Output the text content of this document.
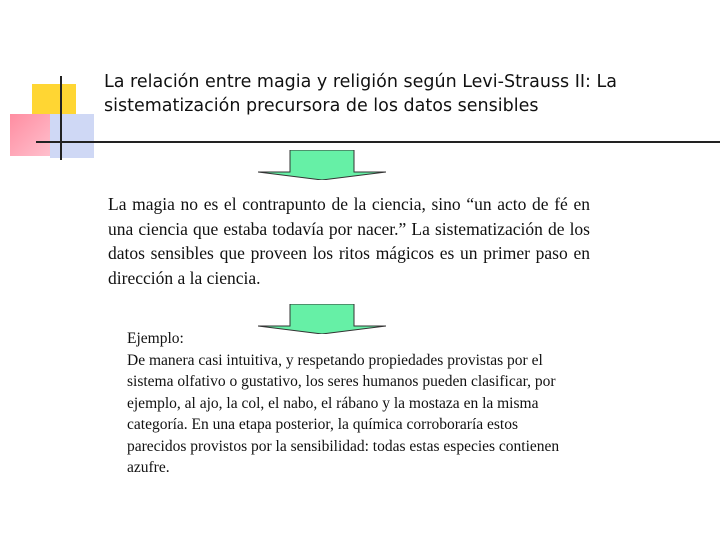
La relación entre magia y religión según Levi-Strauss II: La sistematización precursora de los datos sensibles

La magia no es el contrapunto de la ciencia, sino “un acto de fé en una ciencia que estaba todavía por nacer.” La sistematización de los datos sensibles que proveen los ritos mágicos es un primer paso en dirección a la ciencia.

Ejemplo:
De manera casi intuitiva, y respetando propiedades provistas por el sistema olfativo o gustativo, los seres humanos pueden clasificar, por ejemplo, al ajo, la col, el nabo, el rábano y la mostaza en la misma categoría. En una etapa posterior, la química corroboraría estos parecidos provistos por la sensibilidad: todas estas especies contienen azufre.
